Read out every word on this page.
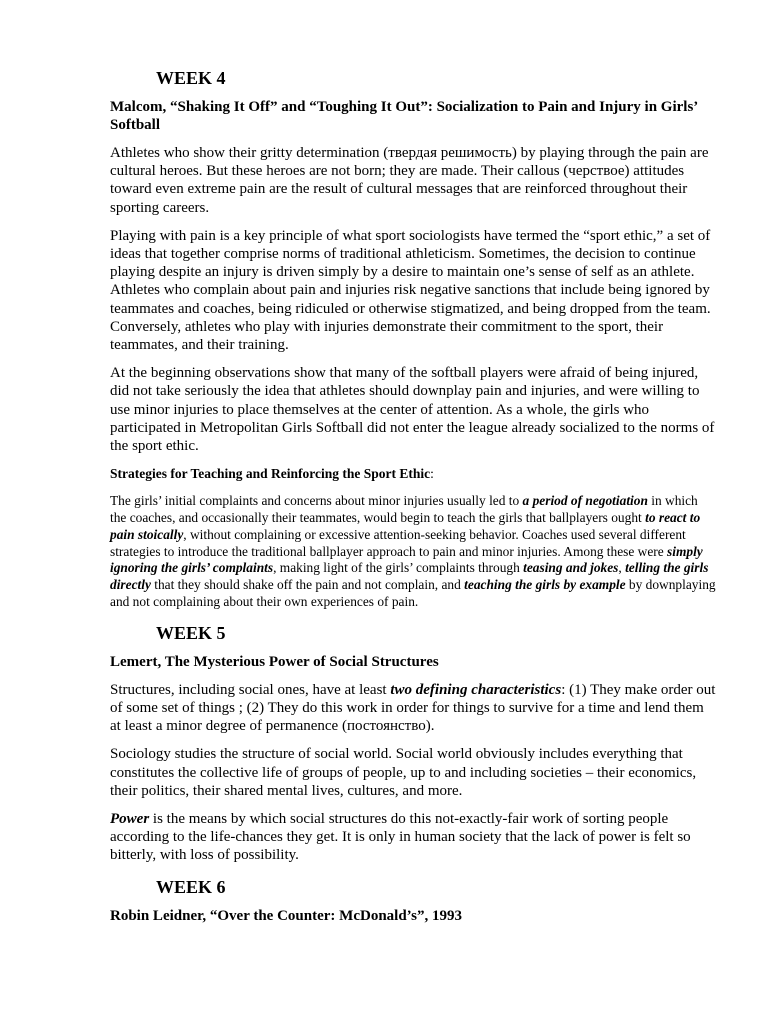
WEEK 4
Malcom, “Shaking It Off” and “Toughing It Out”: Socialization to Pain and Injury in Girls’ Softball

Athletes who show their gritty determination (твердая решимость) by playing through the pain are cultural heroes. But these heroes are not born; they are made. Their callous (черствое) attitudes toward even extreme pain are the result of cultural messages that are reinforced throughout their sporting careers.

Playing with pain is a key principle of what sport sociologists have termed the “sport ethic,” a set of ideas that together comprise norms of traditional athleticism. Sometimes, the decision to continue playing despite an injury is driven simply by a desire to maintain one’s sense of self as an athlete. Athletes who complain about pain and injuries risk negative sanctions that include being ignored by teammates and coaches, being ridiculed or otherwise stigmatized, and being dropped from the team. Conversely, athletes who play with injuries demonstrate their commitment to the sport, their teammates, and their training.

At the beginning observations show that many of the softball players were afraid of being injured, did not take seriously the idea that athletes should downplay pain and injuries, and were willing to use minor injuries to place themselves at the center of attention. As a whole, the girls who participated in Metropolitan Girls Softball did not enter the league already socialized to the norms of the sport ethic.

Strategies for Teaching and Reinforcing the Sport Ethic:

The girls’ initial complaints and concerns about minor injuries usually led to a period of negotiation in which the coaches, and occasionally their teammates, would begin to teach the girls that ballplayers ought to react to pain stoically, without complaining or excessive attention-seeking behavior. Coaches used several different strategies to introduce the traditional ballplayer approach to pain and minor injuries. Among these were simply ignoring the girls’ complaints, making light of the girls’ complaints through teasing and jokes, telling the girls directly that they should shake off the pain and not complain, and teaching the girls by example by downplaying and not complaining about their own experiences of pain.

WEEK 5
Lemert, The Mysterious Power of Social Structures

Structures, including social ones, have at least two defining characteristics: (1) They make order out of some set of things ; (2) They do this work in order for things to survive for a time and lend them at least a minor degree of permanence (постоянство).

Sociology studies the structure of social world. Social world obviously includes everything that constitutes the collective life of groups of people, up to and including societies – their economics, their politics, their shared mental lives, cultures, and more.

Power is the means by which social structures do this not-exactly-fair work of sorting people according to the life-chances they get. It is only in human society that the lack of power is felt so bitterly, with loss of possibility.

WEEK 6
Robin Leidner, “Over the Counter: McDonald’s”, 1993
